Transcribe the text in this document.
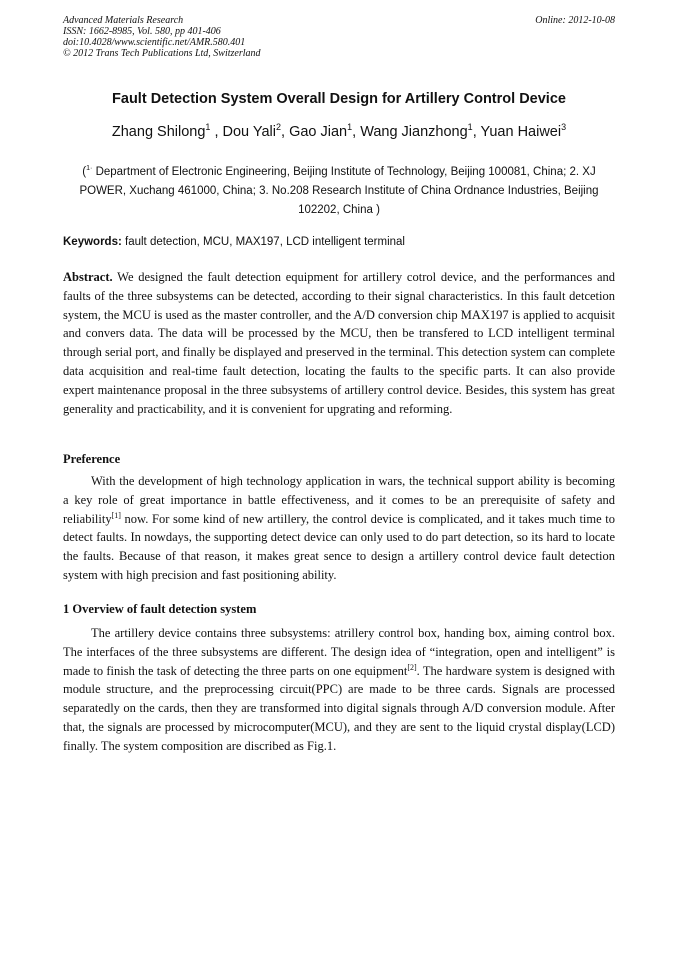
Advanced Materials Research
ISSN: 1662-8985, Vol. 580, pp 401-406
doi:10.4028/www.scientific.net/AMR.580.401
© 2012 Trans Tech Publications Ltd, Switzerland
Online: 2012-10-08
Fault Detection System Overall Design for Artillery Control Device
Zhang Shilong$^1$ , Dou Yali$^2$, Gao Jian$^1$, Wang Jianzhong$^1$, Yuan Haiwei$^3$
($^{1\cdot}$ Department of Electronic Engineering, Beijing Institute of Technology, Beijing 100081, China; 2. XJ POWER, Xuchang 461000, China; 3. No.208 Research Institute of China Ordnance Industries, Beijing 102202, China )
Keywords: fault detection, MCU, MAX197, LCD intelligent terminal
Abstract. We designed the fault detection equipment for artillery cotrol device, and the performances and faults of the three subsystems can be detected, according to their signal characteristics. In this fault detcetion system, the MCU is used as the master controller, and the A/D conversion chip MAX197 is applied to acquisit and convers data. The data will be processed by the MCU, then be transfered to LCD intelligent terminal through serial port, and finally be displayed and preserved in the terminal. This detection system can complete data acquisition and real-time fault detection, locating the faults to the specific parts. It can also provide expert maintenance proposal in the three subsystems of artillery control device. Besides, this system has great generality and practicability, and it is convenient for upgrating and reforming.
Preference
With the development of high technology application in wars, the technical support ability is becoming a key role of great importance in battle effectiveness, and it comes to be an prerequisite of safety and reliability[1] now. For some kind of new artillery, the control device is complicated, and it takes much time to detect faults. In nowdays, the supporting detect device can only used to do part detection, so its hard to locate the faults. Because of that reason, it makes great sence to design a artillery control device fault detection system with high precision and fast positioning ability.
1 Overview of fault detection system
The artillery device contains three subsystems: atrillery control box, handing box, aiming control box. The interfaces of the three subsystems are different. The design idea of “integration, open and intelligent” is made to finish the task of detecting the three parts on one equipment[2]. The hardware system is designed with module structure, and the preprocessing circuit(PPC) are made to be three cards. Signals are processed separatedly on the cards, then they are transformed into digital signals through A/D conversion module. After that, the signals are processed by microcomputer(MCU), and they are sent to the liquid crystal display(LCD) finally. The system composition are discribed as Fig.1.
